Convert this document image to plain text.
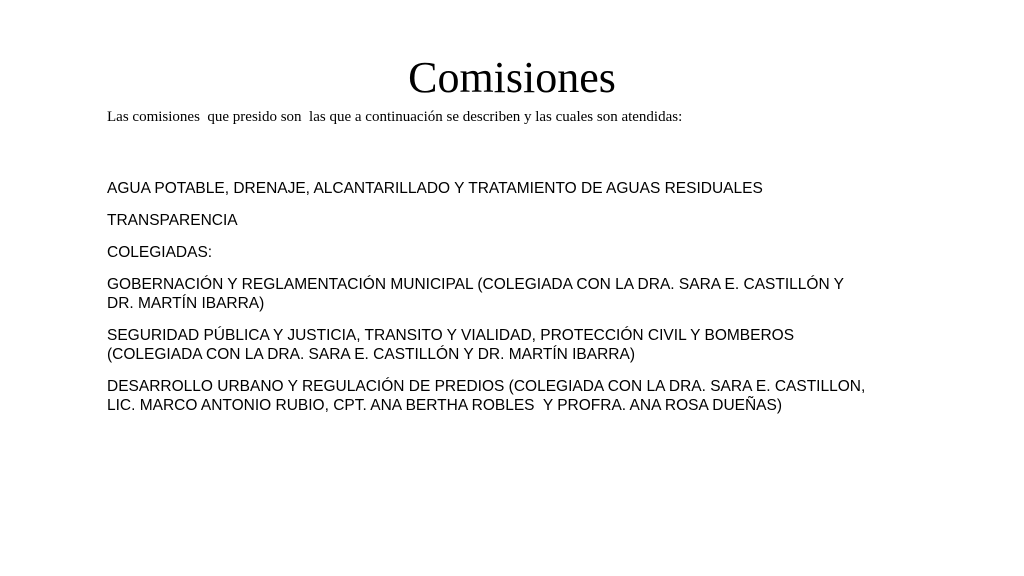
Comisiones

Las comisiones  que presido son  las que a continuación se describen y las cuales son atendidas:

AGUA POTABLE, DRENAJE, ALCANTARILLADO Y TRATAMIENTO DE AGUAS RESIDUALES
TRANSPARENCIA
COLEGIADAS:
GOBERNACIÓN Y REGLAMENTACIÓN MUNICIPAL (COLEGIADA CON LA DRA. SARA E. CASTILLÓN Y DR. MARTÍN IBARRA)
SEGURIDAD PÚBLICA Y JUSTICIA, TRANSITO Y VIALIDAD, PROTECCIÓN CIVIL Y BOMBEROS (COLEGIADA CON LA DRA. SARA E. CASTILLÓN Y DR. MARTÍN IBARRA)
DESARROLLO URBANO Y REGULACIÓN DE PREDIOS (COLEGIADA CON LA DRA. SARA E. CASTILLON, LIC. MARCO ANTONIO RUBIO, CPT. ANA BERTHA ROBLES  Y PROFRA. ANA ROSA DUEÑAS)
